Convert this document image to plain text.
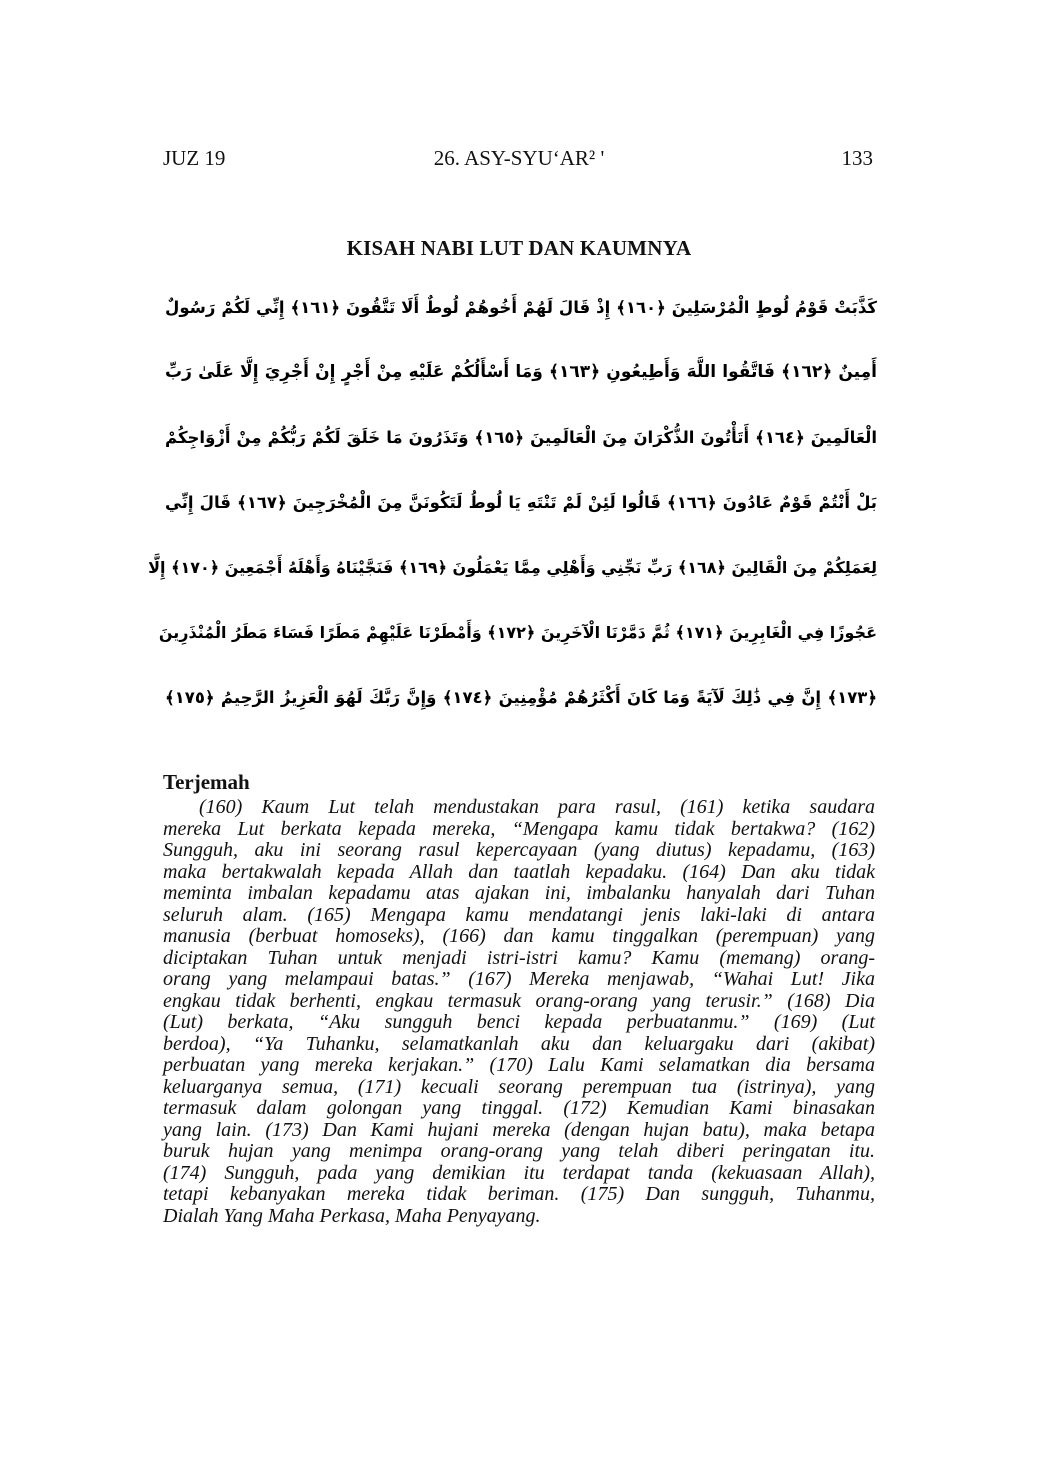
JUZ 19	26. ASY-SYU‘AR² '	133
KISAH NABI LUT DAN KAUMNYA
كَذَّبَتْ قَوْمُ لُوطٍ الْمُرْسَلِينَ ﴿١٦٠﴾ إِذْ قَالَ لَهُمْ أَخُوهُمْ لُوطٌ أَلَا تَتَّقُونَ ﴿١٦١﴾ إِنِّي لَكُمْ رَسُولٌ
أَمِينٌ ﴿١٦٢﴾ فَاتَّقُوا اللَّهَ وَأَطِيعُونِ ﴿١٦٣﴾ وَمَا أَسْأَلُكُمْ عَلَيْهِ مِنْ أَجْرٍ إِنْ أَجْرِيَ إِلَّا عَلَىٰ رَبِّ
الْعَالَمِينَ ﴿١٦٤﴾ أَتَأْتُونَ الذُّكْرَانَ مِنَ الْعَالَمِينَ ﴿١٦٥﴾ وَتَذَرُونَ مَا خَلَقَ لَكُمْ رَبُّكُمْ مِنْ أَزْوَاجِكُمْ
بَلْ أَنْتُمْ قَوْمٌ عَادُونَ ﴿١٦٦﴾ قَالُوا لَئِنْ لَمْ تَنْتَهِ يَا لُوطُ لَتَكُونَنَّ مِنَ الْمُخْرَجِينَ ﴿١٦٧﴾ قَالَ إِنِّي
لِعَمَلِكُمْ مِنَ الْقَالِينَ ﴿١٦٨﴾ رَبِّ نَجِّنِي وَأَهْلِي مِمَّا يَعْمَلُونَ ﴿١٦٩﴾ فَنَجَّيْنَاهُ وَأَهْلَهُ أَجْمَعِينَ ﴿١٧٠﴾ إِلَّا
عَجُوزًا فِي الْغَابِرِينَ ﴿١٧١﴾ ثُمَّ دَمَّرْنَا الْآخَرِينَ ﴿١٧٢﴾ وَأَمْطَرْنَا عَلَيْهِمْ مَطَرًا فَسَاءَ مَطَرُ الْمُنْذَرِينَ
﴿١٧٣﴾ إِنَّ فِي ذَٰلِكَ لَآيَةً وَمَا كَانَ أَكْثَرُهُمْ مُؤْمِنِينَ ﴿١٧٤﴾ وَإِنَّ رَبَّكَ لَهُوَ الْعَزِيزُ الرَّحِيمُ ﴿١٧٥﴾
Terjemah
(160) Kaum Lut telah mendustakan para rasul, (161) ketika saudara
mereka Lut berkata kepada mereka, “Mengapa kamu tidak bertakwa? (162)
Sungguh, aku ini seorang rasul kepercayaan (yang diutus) kepadamu, (163)
maka bertakwalah kepada Allah dan taatlah kepadaku. (164) Dan aku tidak
meminta imbalan kepadamu atas ajakan ini, imbalanku hanyalah dari Tuhan
seluruh alam. (165) Mengapa kamu mendatangi jenis laki-laki di antara
manusia (berbuat homoseks), (166) dan kamu tinggalkan (perempuan) yang
diciptakan Tuhan untuk menjadi istri-istri kamu? Kamu (memang) orang-
orang yang melampaui batas.” (167) Mereka menjawab, “Wahai Lut! Jika
engkau tidak berhenti, engkau termasuk orang-orang yang terusir.” (168) Dia
(Lut) berkata, “Aku sungguh benci kepada perbuatanmu.” (169) (Lut
berdoa), “Ya Tuhanku, selamatkanlah aku dan keluargaku dari (akibat)
perbuatan yang mereka kerjakan.” (170) Lalu Kami selamatkan dia bersama
keluarganya semua, (171) kecuali seorang perempuan tua (istrinya), yang
termasuk dalam golongan yang tinggal. (172) Kemudian Kami binasakan
yang lain. (173) Dan Kami hujani mereka (dengan hujan batu), maka betapa
buruk hujan yang menimpa orang-orang yang telah diberi peringatan itu.
(174) Sungguh, pada yang demikian itu terdapat tanda (kekuasaan Allah),
tetapi kebanyakan mereka tidak beriman. (175) Dan sungguh, Tuhanmu,
Dialah Yang Maha Perkasa, Maha Penyayang.
